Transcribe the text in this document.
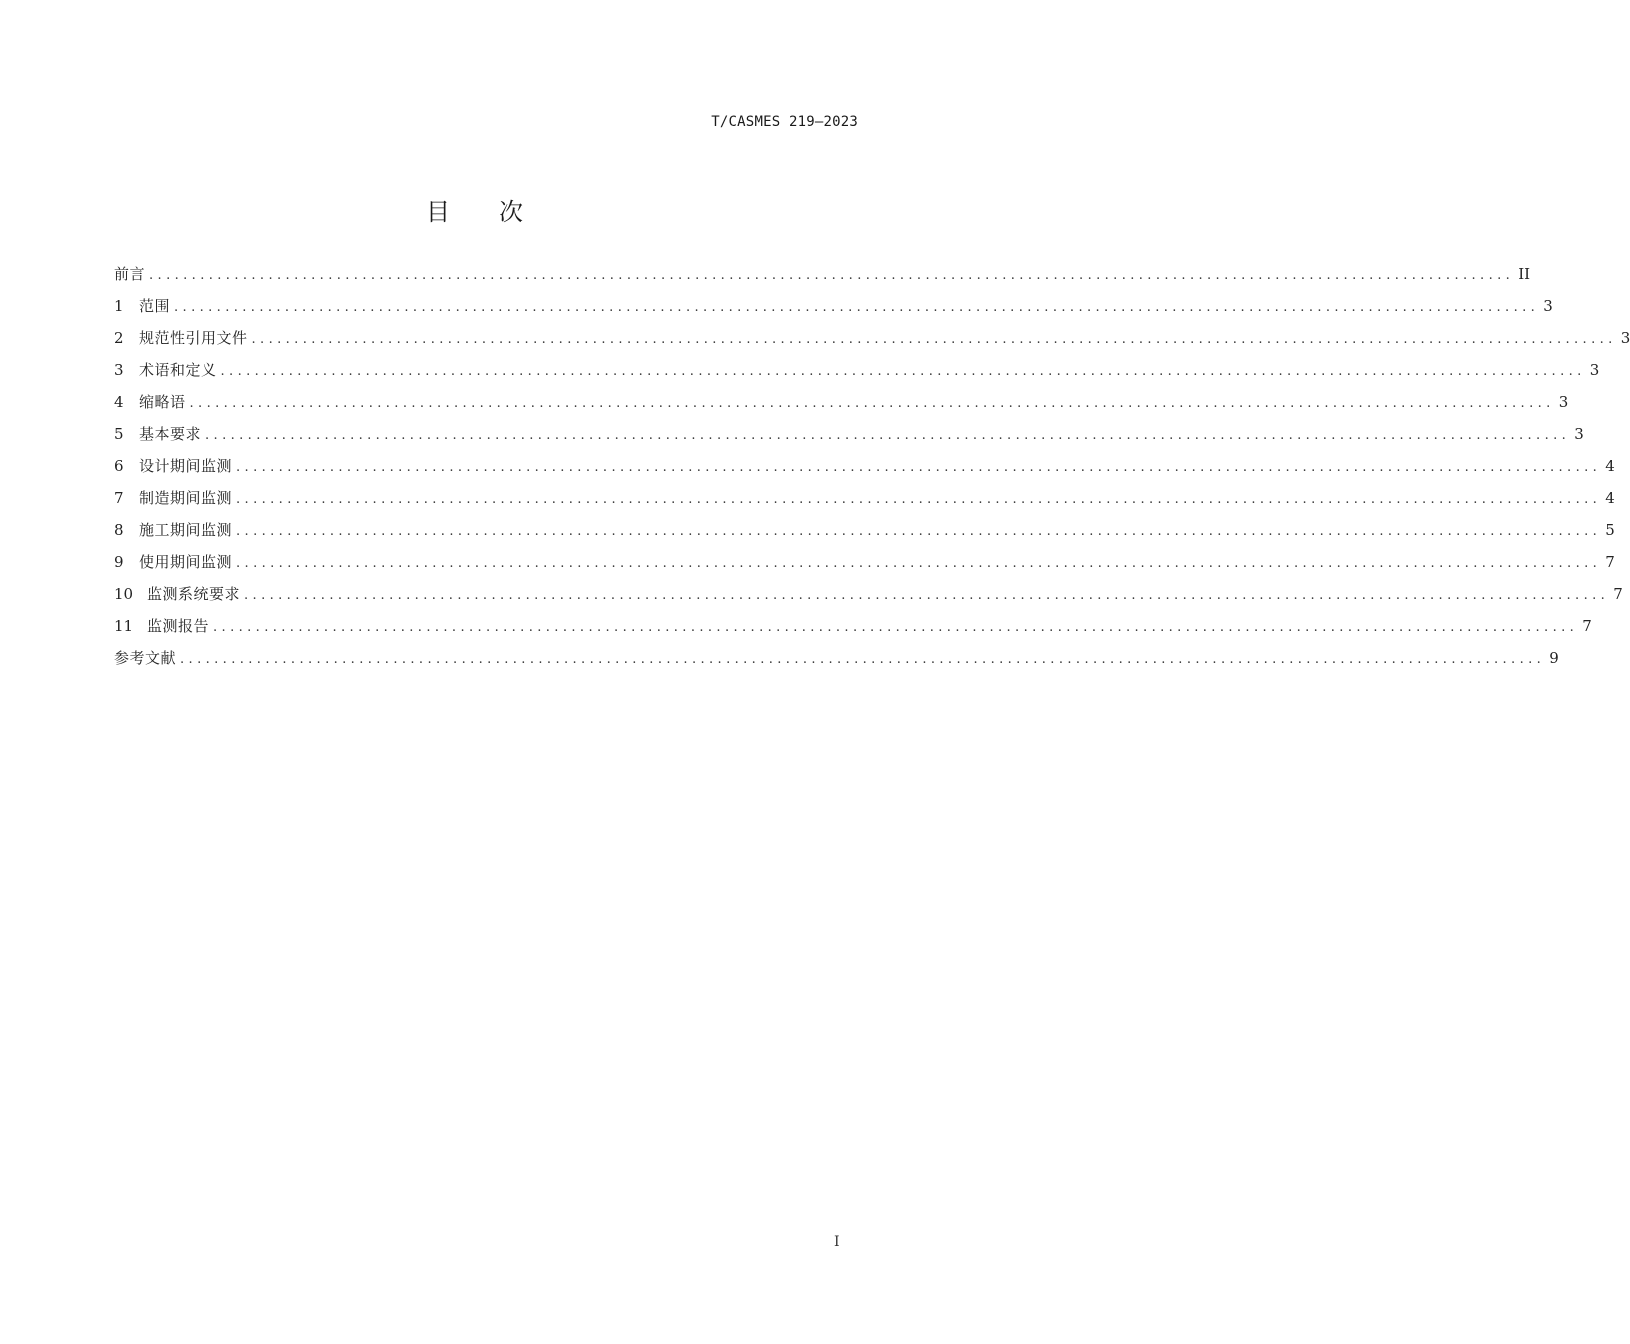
T/CASMES 219—2023
目 次
前言 ................................................................................................................................................................ II
1	范围 ................................................................................................................................................................ 3
2	规范性引用文件 ................................................................................................................................................................ 3
3	术语和定义 ................................................................................................................................................................ 3
4	缩略语 ................................................................................................................................................................ 3
5	基本要求 ................................................................................................................................................................ 3
6	设计期间监测 ................................................................................................................................................................ 4
7	制造期间监测 ................................................................................................................................................................ 4
8	施工期间监测 ................................................................................................................................................................ 5
9	使用期间监测 ................................................................................................................................................................ 7
10 监测系统要求 ................................................................................................................................................................ 7
11 监测报告 ................................................................................................................................................................ 7
参考文献 ................................................................................................................................................................ 9
I
